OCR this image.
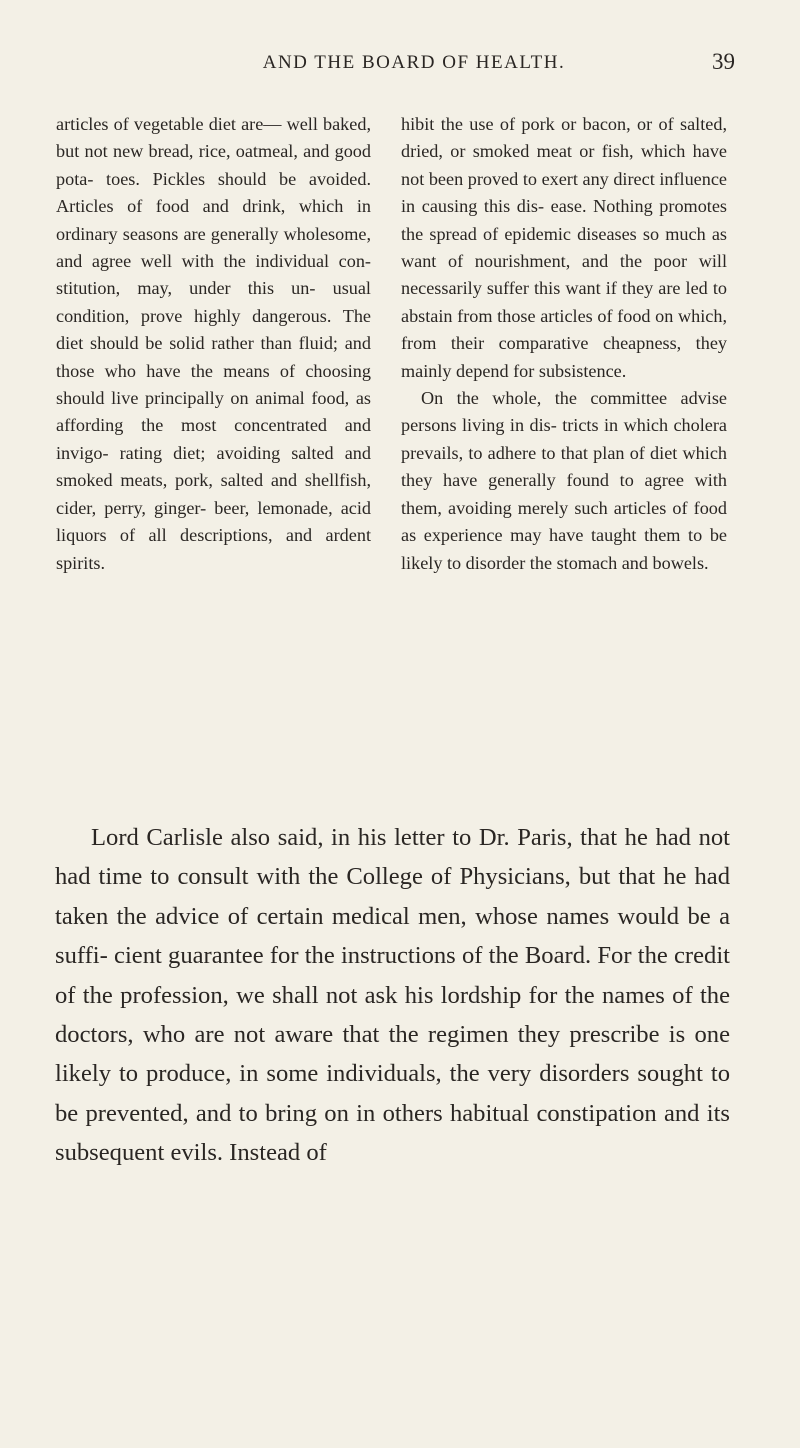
AND THE BOARD OF HEALTH.	39

articles of vegetable diet are— well baked, but not new bread, rice, oatmeal, and good pota- toes. Pickles should be avoided. Articles of food and drink, which in ordinary seasons are generally wholesome, and agree well with the individual con- stitution, may, under this un- usual condition, prove highly dangerous. The diet should be solid rather than fluid; and those who have the means of choosing should live principally on animal food, as affording the most concentrated and invigo- rating diet; avoiding salted and smoked meats, pork, salted and shellfish, cider, perry, ginger- beer, lemonade, acid liquors of all descriptions, and ardent spirits.

hibit the use of pork or bacon, or of salted, dried, or smoked meat or fish, which have not been proved to exert any direct influence in causing this dis- ease. Nothing promotes the spread of epidemic diseases so much as want of nourishment, and the poor will necessarily suffer this want if they are led to abstain from those articles of food on which, from their comparative cheapness, they mainly depend for subsistence.

On the whole, the committee advise persons living in dis- tricts in which cholera prevails, to adhere to that plan of diet which they have generally found to agree with them, avoiding merely such articles of food as experience may have taught them to be likely to disorder the stomach and bowels.

Lord Carlisle also said, in his letter to Dr. Paris, that he had not had time to consult with the College of Physicians, but that he had taken the advice of certain medical men, whose names would be a suffi- cient guarantee for the instructions of the Board. For the credit of the profession, we shall not ask his lordship for the names of the doctors, who are not aware that the regimen they prescribe is one likely to produce, in some individuals, the very disorders sought to be prevented, and to bring on in others habitual constipation and its subsequent evils. Instead of
